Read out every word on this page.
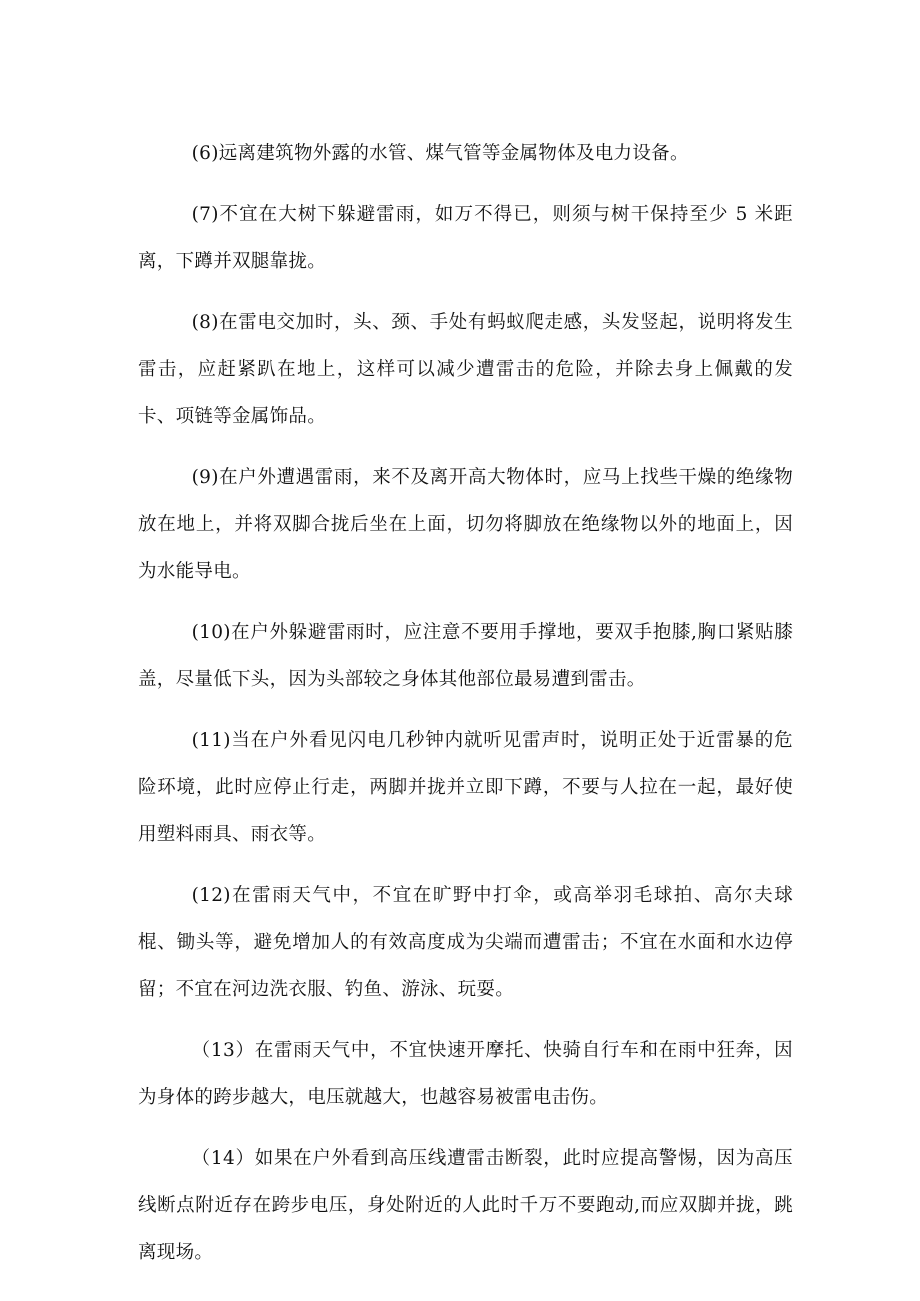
(6)远离建筑物外露的水管、煤气管等金属物体及电力设备。

(7)不宜在大树下躲避雷雨，如万不得已，则须与树干保持至少 5 米距离，下蹲并双腿靠拢。

(8)在雷电交加时，头、颈、手处有蚂蚁爬走感，头发竖起，说明将发生雷击，应赶紧趴在地上，这样可以减少遭雷击的危险，并除去身上佩戴的发卡、项链等金属饰品。

(9)在户外遭遇雷雨，来不及离开高大物体时，应马上找些干燥的绝缘物放在地上，并将双脚合拢后坐在上面，切勿将脚放在绝缘物以外的地面上，因为水能导电。

(10)在户外躲避雷雨时，应注意不要用手撑地，要双手抱膝,胸口紧贴膝盖，尽量低下头，因为头部较之身体其他部位最易遭到雷击。

(11)当在户外看见闪电几秒钟内就听见雷声时，说明正处于近雷暴的危险环境，此时应停止行走，两脚并拢并立即下蹲，不要与人拉在一起，最好使用塑料雨具、雨衣等。

(12)在雷雨天气中，不宜在旷野中打伞，或高举羽毛球拍、高尔夫球棍、锄头等，避免增加人的有效高度成为尖端而遭雷击；不宜在水面和水边停留；不宜在河边洗衣服、钓鱼、游泳、玩耍。

（13）在雷雨天气中，不宜快速开摩托、快骑自行车和在雨中狂奔，因为身体的跨步越大，电压就越大，也越容易被雷电击伤。

（14）如果在户外看到高压线遭雷击断裂，此时应提高警惕，因为高压线断点附近存在跨步电压，身处附近的人此时千万不要跑动,而应双脚并拢，跳离现场。
